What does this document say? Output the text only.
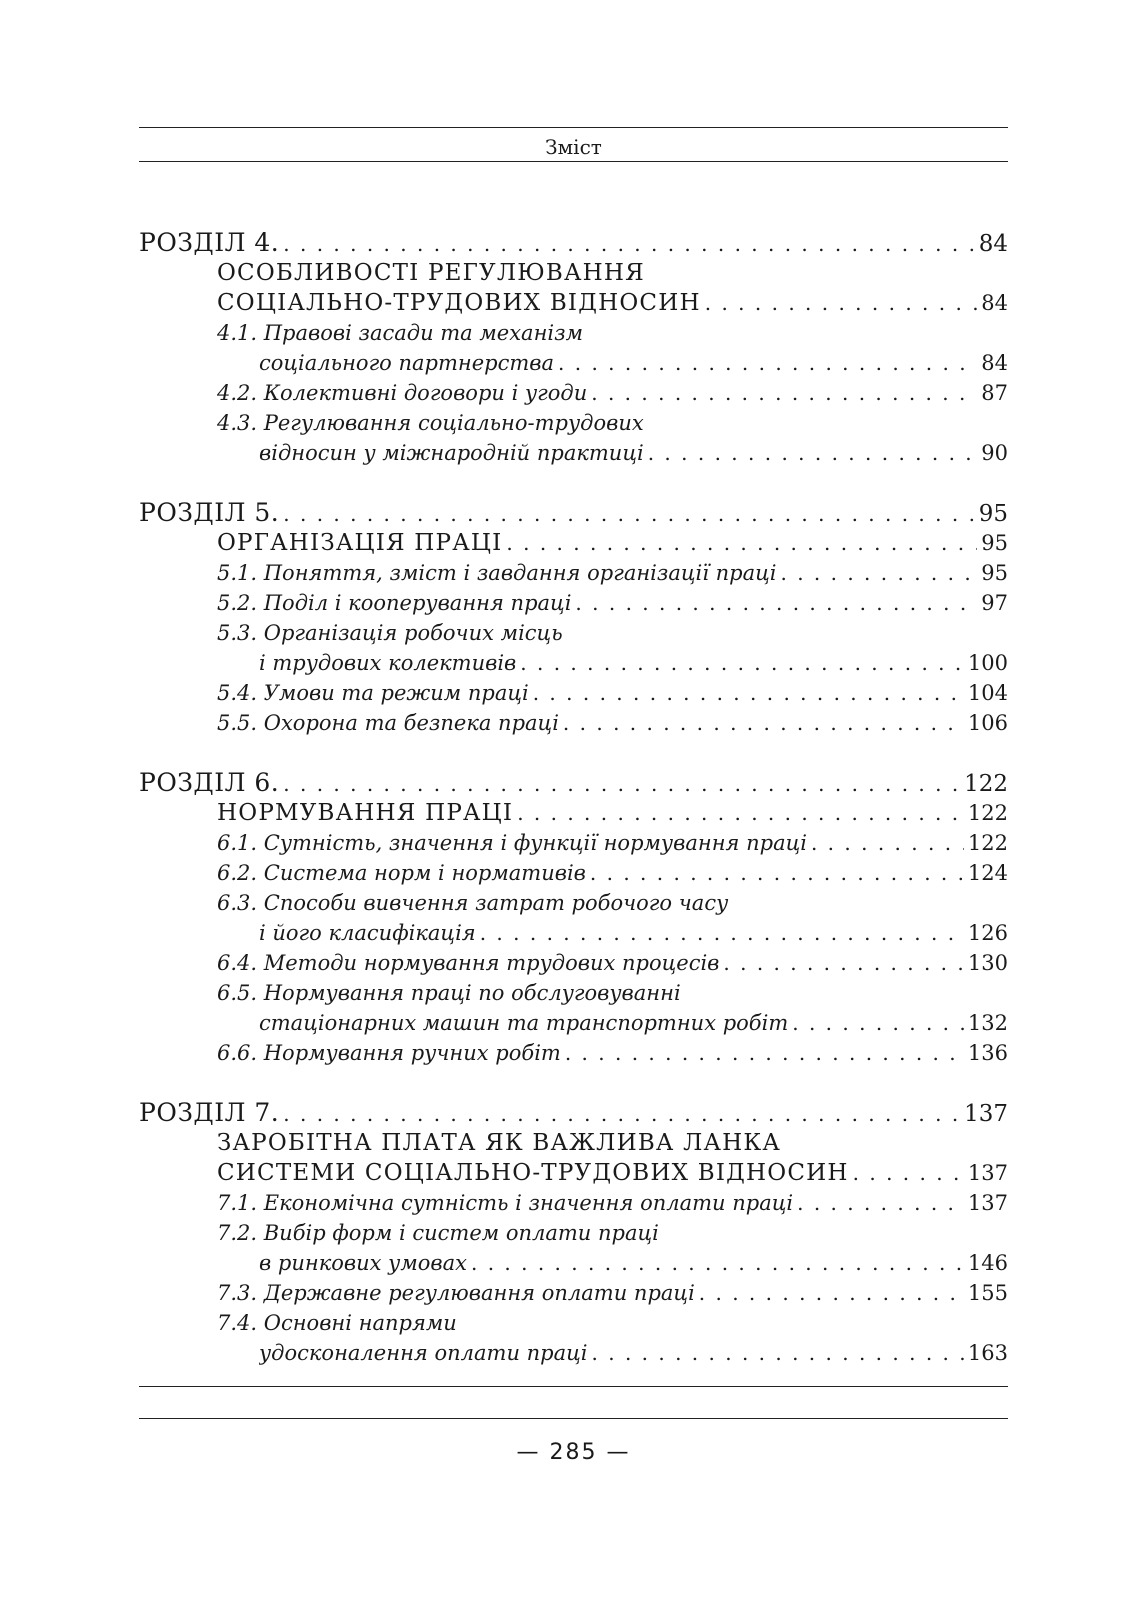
Зміст
РОЗДІЛ 4. . . .	84
ОСОБЛИВОСТІ РЕГУЛЮВАННЯ
СОЦІАЛЬНО-ТРУДОВИХ ВІДНОСИН . . .	84
4.1. Правові засади та механізм
соціального партнерства . . .	84
4.2. Колективні договори і угоди . . .	87
4.3. Регулювання соціально-трудових
відносин у міжнародній практиці . . .	90
РОЗДІЛ 5. . . .	95
ОРГАНІЗАЦІЯ ПРАЦІ . . .	95
5.1. Поняття, зміст і завдання організації праці . . .	95
5.2. Поділ і кооперування праці . . .	97
5.3. Організація робочих місць
і трудових колективів . . .	100
5.4. Умови та режим праці . . .	104
5.5. Охорона та безпека праці . . .	106
РОЗДІЛ 6. . . .	122
НОРМУВАННЯ ПРАЦІ . . .	122
6.1. Сутність, значення і функції нормування праці . . .	122
6.2. Система норм і нормативів . . .	124
6.3. Способи вивчення затрат робочого часу
і його класифікація . . .	126
6.4. Методи нормування трудових процесів . . .	130
6.5. Нормування праці по обслуговуванні
стаціонарних машин та транспортних робіт . . .	132
6.6. Нормування ручних робіт . . .	136
РОЗДІЛ 7. . . .	137
ЗАРОБІТНА ПЛАТА ЯК ВАЖЛИВА ЛАНКА
СИСТЕМИ СОЦІАЛЬНО-ТРУДОВИХ ВІДНОСИН . . .	137
7.1. Економічна сутність і значення оплати праці . . .	137
7.2. Вибір форм і систем оплати праці
в ринкових умовах . . .	146
7.3. Державне регулювання оплати праці . . .	155
7.4. Основні напрями
удосконалення оплати праці . . .	163
— 285 —
